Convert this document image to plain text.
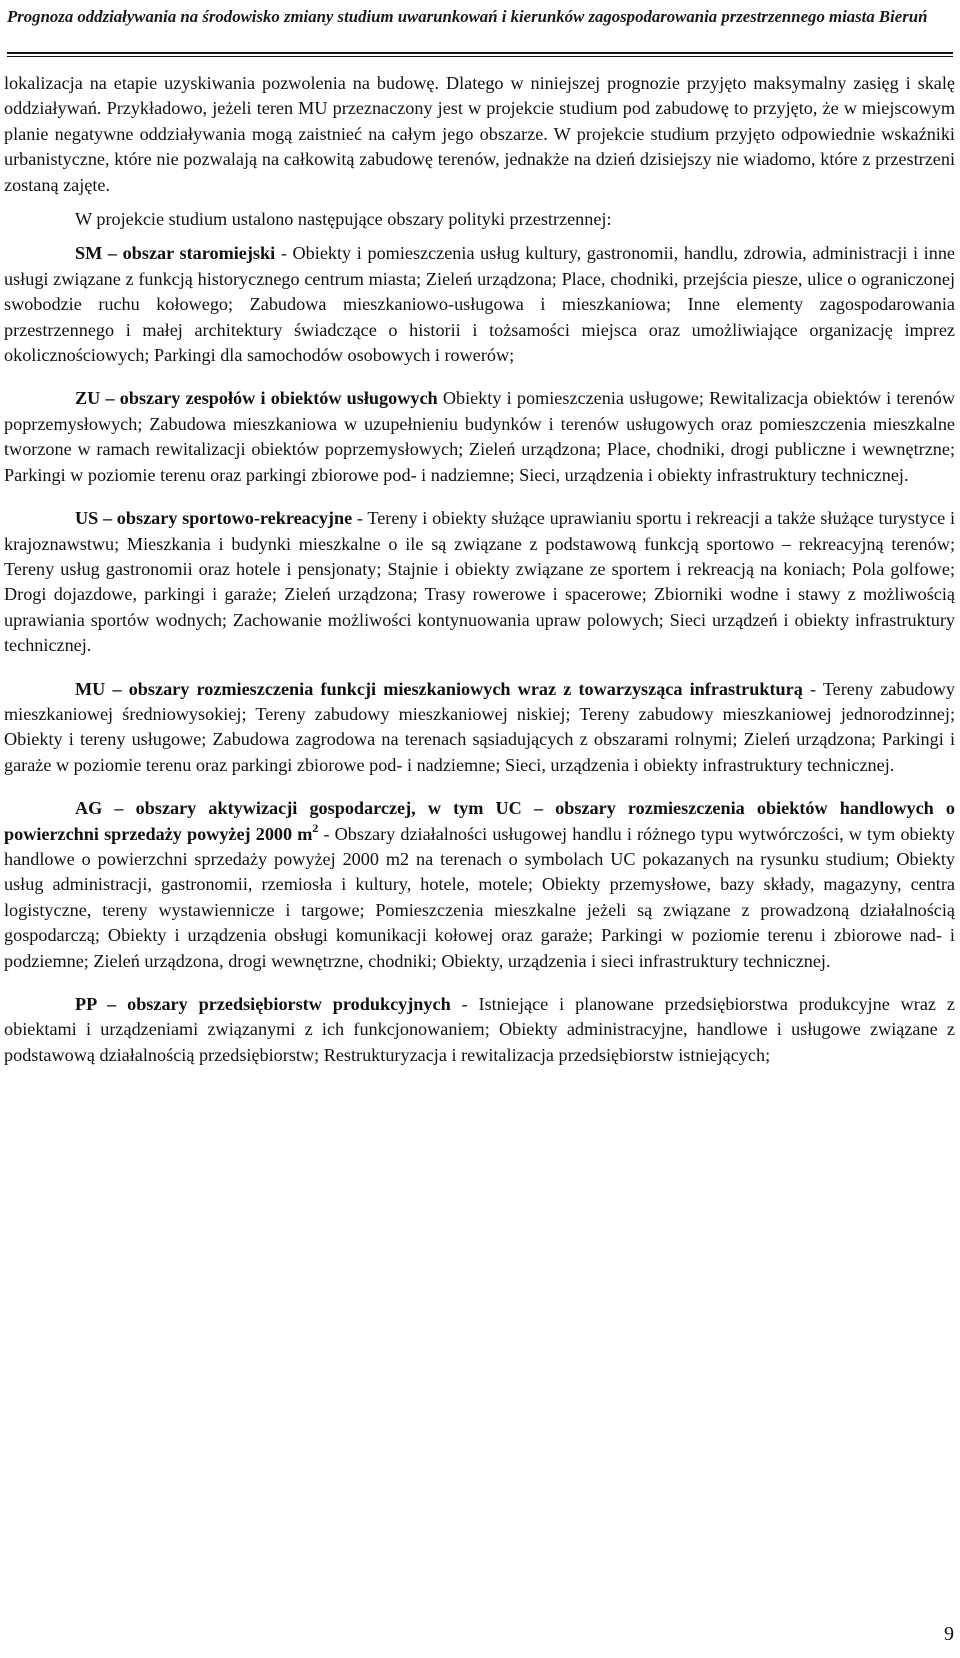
Prognoza oddziaływania na środowisko zmiany studium uwarunkowań i kierunków zagospodarowania przestrzennego miasta Bieruń

lokalizacja na etapie uzyskiwania pozwolenia na budowę. Dlatego w niniejszej prognozie przyjęto maksymalny zasięg i skalę oddziaływań. Przykładowo, jeżeli teren MU przeznaczony jest w projekcie studium pod zabudowę to przyjęto, że w miejscowym planie negatywne oddziaływania mogą zaistnieć na całym jego obszarze. W projekcie studium przyjęto odpowiednie wskaźniki urbanistyczne, które nie pozwalają na całkowitą zabudowę terenów, jednakże na dzień dzisiejszy nie wiadomo, które z przestrzeni zostaną zajęte.

W projekcie studium ustalono następujące obszary polityki przestrzennej:

SM – obszar staromiejski - Obiekty i pomieszczenia usług kultury, gastronomii, handlu, zdrowia, administracji i inne usługi związane z funkcją historycznego centrum miasta; Zieleń urządzona; Place, chodniki, przejścia piesze, ulice o ograniczonej swobodzie ruchu kołowego; Zabudowa mieszkaniowo-usługowa i mieszkaniowa; Inne elementy zagospodarowania przestrzennego i małej architektury świadczące o historii i tożsamości miejsca oraz umożliwiające organizację imprez okolicznościowych; Parkingi dla samochodów osobowych i rowerów;

ZU – obszary zespołów i obiektów usługowych Obiekty i pomieszczenia usługowe; Rewitalizacja obiektów i terenów poprzemysłowych; Zabudowa mieszkaniowa w uzupełnieniu budynków i terenów usługowych oraz pomieszczenia mieszkalne tworzone w ramach rewitalizacji obiektów poprzemysłowych; Zieleń urządzona; Place, chodniki, drogi publiczne i wewnętrzne; Parkingi w poziomie terenu oraz parkingi zbiorowe pod- i nadziemne; Sieci, urządzenia i obiekty infrastruktury technicznej.

US – obszary sportowo-rekreacyjne - Tereny i obiekty służące uprawianiu sportu i rekreacji a także służące turystyce i krajoznawstwu; Mieszkania i budynki mieszkalne o ile są związane z podstawową funkcją sportowo – rekreacyjną terenów; Tereny usług gastronomii oraz hotele i pensjonaty; Stajnie i obiekty związane ze sportem i rekreacją na koniach; Pola golfowe; Drogi dojazdowe, parkingi i garaże; Zieleń urządzona; Trasy rowerowe i spacerowe; Zbiorniki wodne i stawy z możliwością uprawiania sportów wodnych; Zachowanie możliwości kontynuowania upraw polowych; Sieci urządzeń i obiekty infrastruktury technicznej.

MU – obszary rozmieszczenia funkcji mieszkaniowych wraz z towarzysząca infrastrukturą - Tereny zabudowy mieszkaniowej średniowysokiej; Tereny zabudowy mieszkaniowej niskiej; Tereny zabudowy mieszkaniowej jednorodzinnej; Obiekty i tereny usługowe; Zabudowa zagrodowa na terenach sąsiadujących z obszarami rolnymi; Zieleń urządzona; Parkingi i garaże w poziomie terenu oraz parkingi zbiorowe pod- i nadziemne; Sieci, urządzenia i obiekty infrastruktury technicznej.

AG – obszary aktywizacji gospodarczej, w tym UC – obszary rozmieszczenia obiektów handlowych o powierzchni sprzedaży powyżej 2000 $m^2$ - Obszary działalności usługowej handlu i różnego typu wytwórczości, w tym obiekty handlowe o powierzchni sprzedaży powyżej 2000 m2 na terenach o symbolach UC pokazanych na rysunku studium; Obiekty usług administracji, gastronomii, rzemiosła i kultury, hotele, motele; Obiekty przemysłowe, bazy składy, magazyny, centra logistyczne, tereny wystawiennicze i targowe; Pomieszczenia mieszkalne jeżeli są związane z prowadzoną działalnością gospodarczą; Obiekty i urządzenia obsługi komunikacji kołowej oraz garaże; Parkingi w poziomie terenu i zbiorowe nad- i podziemne; Zieleń urządzona, drogi wewnętrzne, chodniki; Obiekty, urządzenia i sieci infrastruktury technicznej.

PP – obszary przedsiębiorstw produkcyjnych - Istniejące i planowane przedsiębiorstwa produkcyjne wraz z obiektami i urządzeniami związanymi z ich funkcjonowaniem; Obiekty administracyjne, handlowe i usługowe związane z podstawową działalnością przedsiębiorstw; Restrukturyzacja i rewitalizacja przedsiębiorstw istniejących;

9
